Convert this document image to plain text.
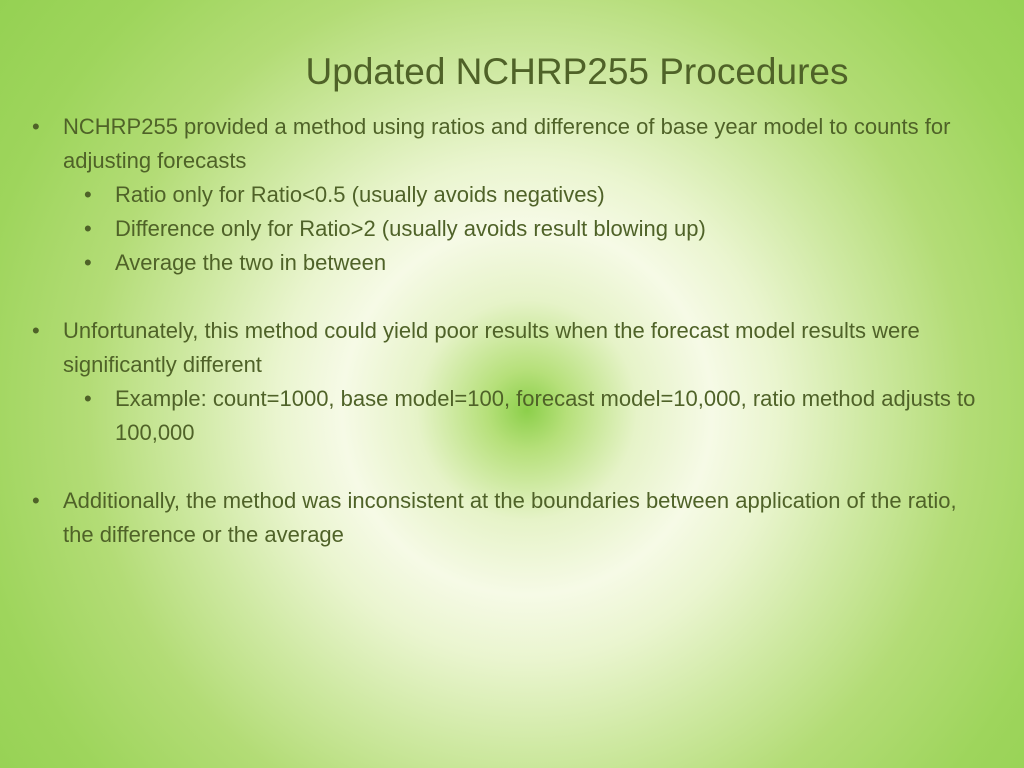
Updated NCHRP255 Procedures
• NCHRP255 provided a method using ratios and difference of base year model to counts for adjusting forecasts
• Ratio only for Ratio<0.5 (usually avoids negatives)
• Difference only for Ratio>2 (usually avoids result blowing up)
• Average the two in between
• Unfortunately, this method could yield poor results when the forecast model results were significantly different
• Example: count=1000, base model=100, forecast model=10,000, ratio method adjusts to 100,000
• Additionally, the method was inconsistent at the boundaries between application of the ratio, the difference or the average
